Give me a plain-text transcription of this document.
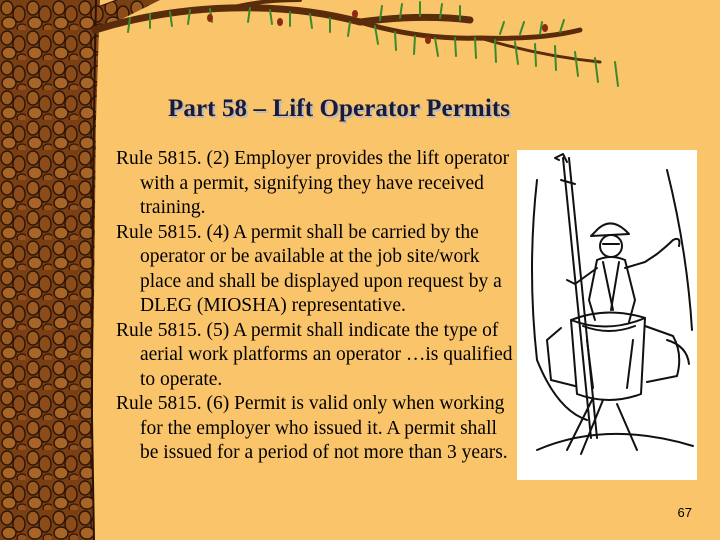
Part 58 – Lift Operator Permits

Rule 5815. (2) Employer provides the lift operator with a permit, signifying they have received training.

Rule 5815. (4) A permit shall be carried by the operator or be available at the job site/work place and shall be displayed upon request by a DLEG (MIOSHA) representative.

Rule 5815. (5) A permit shall indicate the type of aerial work platforms an operator …is qualified to operate.

Rule 5815. (6) Permit is valid only when working for the employer who issued it. A permit shall be issued for a period of not more than 3 years.

67
